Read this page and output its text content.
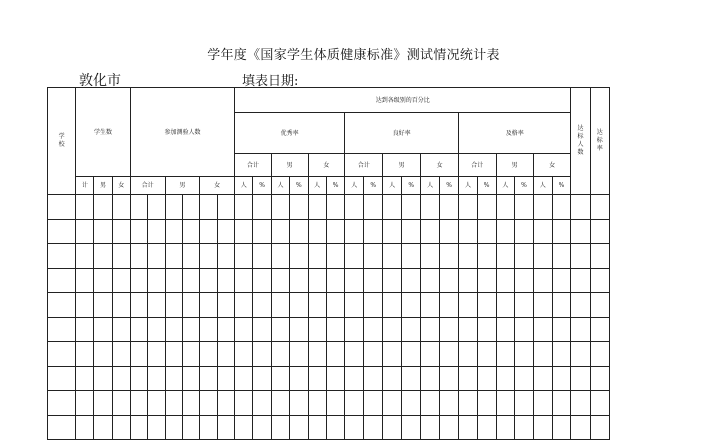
学年度《国家学生体质健康标准》测试情况统计表
敦化市	填表日期:
学校	学生数			参加测验人数						达到各级别的百分比																		达标人数	达标率
										优秀率						良好率						及格率							
										合计		男		女		合计		男		女		合计		男		女			
	计	男	女	合计		男		女		人	%	人	%	人	%	人	%	人	%	人	%	人	%	人	%	人	%		
